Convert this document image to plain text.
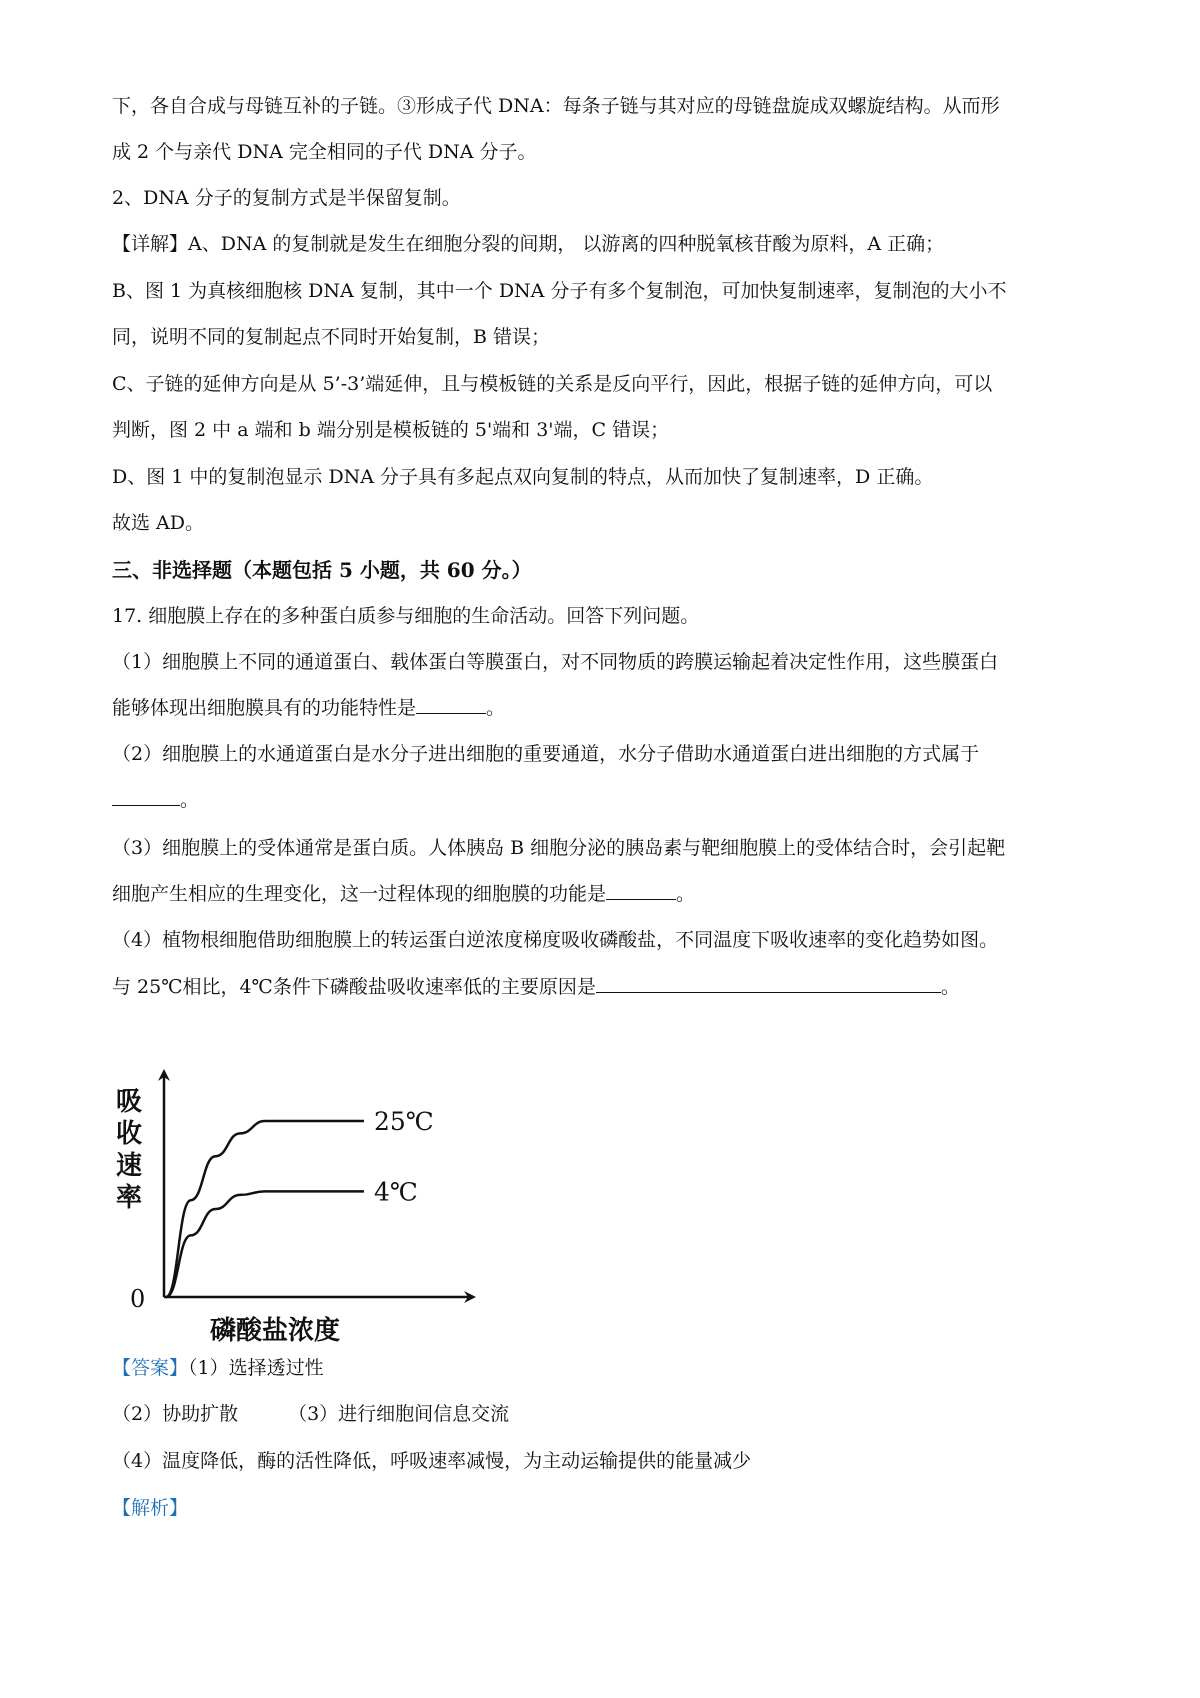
下，各自合成与母链互补的子链。③形成子代 DNA：每条子链与其对应的母链盘旋成双螺旋结构。从而形
成 2 个与亲代 DNA 完全相同的子代 DNA 分子。
2、DNA 分子的复制方式是半保留复制。
【详解】A、DNA 的复制就是发生在细胞分裂的间期， 以游离的四种脱氧核苷酸为原料，A 正确；
B、图 1 为真核细胞核 DNA 复制，其中一个 DNA 分子有多个复制泡，可加快复制速率，复制泡的大小不
同，说明不同的复制起点不同时开始复制，B 错误；
C、子链的延伸方向是从 5’-3’端延伸，且与模板链的关系是反向平行，因此，根据子链的延伸方向，可以
判断，图 2 中 a 端和 b 端分别是模板链的 5'端和 3'端，C 错误；
D、图 1 中的复制泡显示 DNA 分子具有多起点双向复制的特点，从而加快了复制速率，D 正确。
故选 AD。
三、非选择题（本题包括 5 小题，共 60 分。）
17. 细胞膜上存在的多种蛋白质参与细胞的生命活动。回答下列问题。
（1）细胞膜上不同的通道蛋白、载体蛋白等膜蛋白，对不同物质的跨膜运输起着决定性作用，这些膜蛋白
能够体现出细胞膜具有的功能特性是	。
（2）细胞膜上的水通道蛋白是水分子进出细胞的重要通道，水分子借助水通道蛋白进出细胞的方式属于
。
（3）细胞膜上的受体通常是蛋白质。人体胰岛 B 细胞分泌的胰岛素与靶细胞膜上的受体结合时，会引起靶
细胞产生相应的生理变化，这一过程体现的细胞膜的功能是	。
（4）植物根细胞借助细胞膜上的转运蛋白逆浓度梯度吸收磷酸盐，不同温度下吸收速率的变化趋势如图。
与 25℃相比，4℃条件下磷酸盐吸收速率低的主要原因是	。
吸
收
速
率
0
磷酸盐浓度
25℃
4℃
【答案】（1）选择透过性
（2）协助扩散	（3）进行细胞间信息交流
（4）温度降低，酶的活性降低，呼吸速率减慢，为主动运输提供的能量减少
【解析】
